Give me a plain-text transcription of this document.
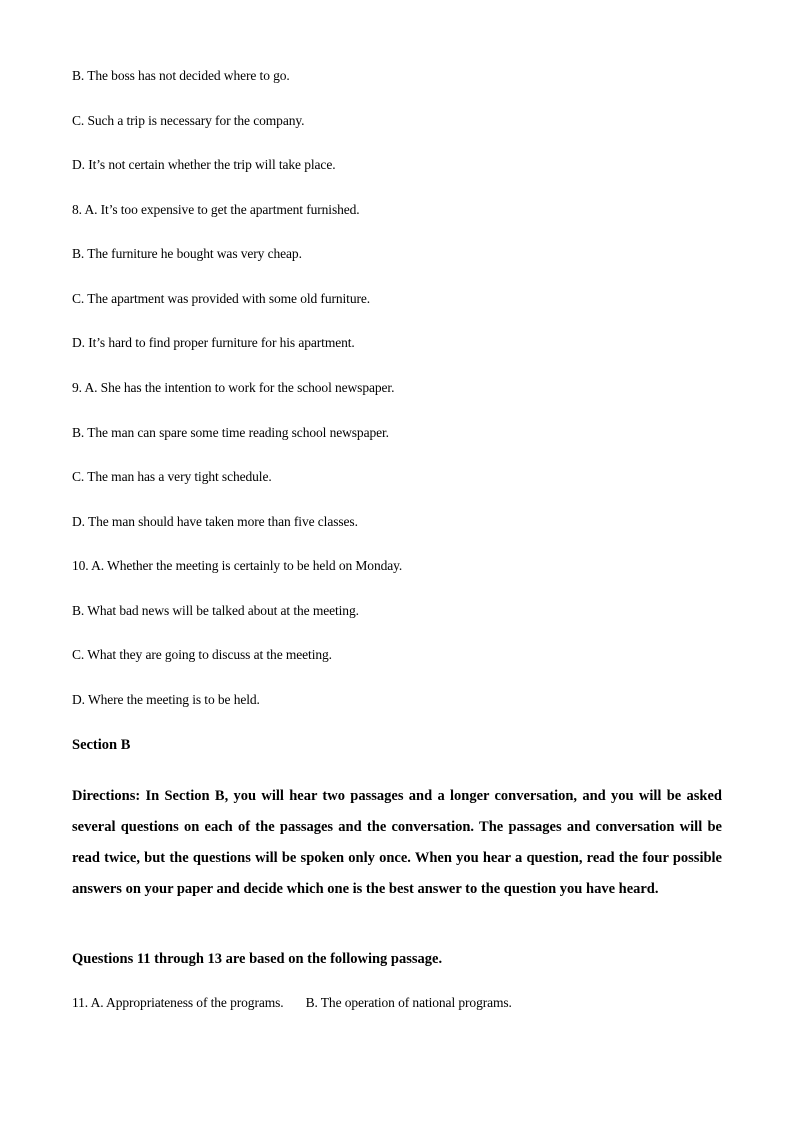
B. The boss has not decided where to go.
C. Such a trip is necessary for the company.
D. It’s not certain whether the trip will take place.
8. A. It’s too expensive to get the apartment furnished.
B. The furniture he bought was very cheap.
C. The apartment was provided with some old furniture.
D. It’s hard to find proper furniture for his apartment.
9. A. She has the intention to work for the school newspaper.
B. The man can spare some time reading school newspaper.
C. The man has a very tight schedule.
D. The man should have taken more than five classes.
10. A. Whether the meeting is certainly to be held on Monday.
B. What bad news will be talked about at the meeting.
C. What they are going to discuss at the meeting.
D. Where the meeting is to be held.
Section B

Directions: In Section B, you will hear two passages and a longer conversation, and you will be asked several questions on each of the passages and the conversation. The passages and conversation will be read twice, but the questions will be spoken only once. When you hear a question, read the four possible answers on your paper and decide which one is the best answer to the question you have heard.

Questions 11 through 13 are based on the following passage.
11. A. Appropriateness of the programs. B. The operation of national programs.
